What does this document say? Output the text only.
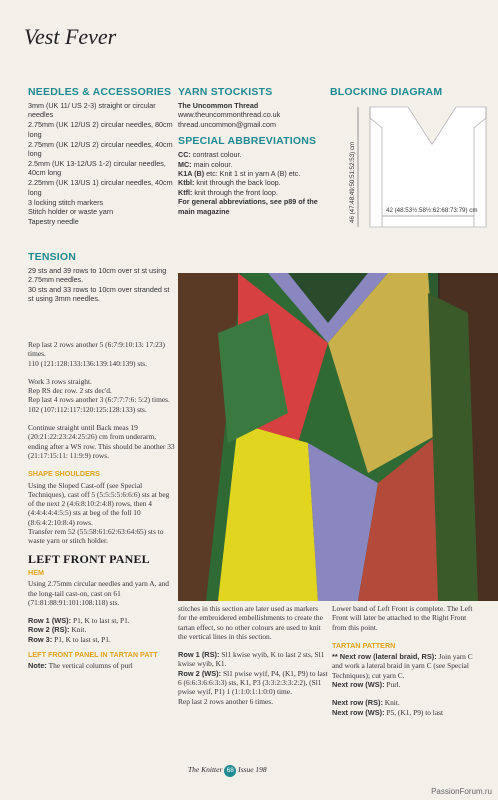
Vest Fever
NEEDLES & ACCESSORIES

3mm (UK 11/ US 2-3) straight or circular needles

2.75mm (UK 12/US 2) circular needles, 80cm long

2.75mm (UK 12/US 2) circular needles, 40cm long

2.5mm (UK 13-12/US 1-2) circular needles, 40cm long

2.25mm (UK 13/US 1) circular needles, 40cm long

3 locking stitch markers

Stitch holder or waste yarn

Tapestry needle

TENSION
29 sts and 39 rows to 10cm over st st using 2.75mm needles.
30 sts and 33 rows to 10cm over stranded st st using 3mm needles.
YARN STOCKISTS
The Uncommon Thread
www.theuncommonthread.co.uk
thread.uncommon@gmail.com
SPECIAL ABBREVIATIONS
CC: contrast colour.
MC: main colour.
K1A (B) etc: Knit 1 st in yarn A (B) etc.
Ktbl: knit through the back loop.
Ktfl: knit through the front loop.
For general abbreviations, see p89 of the main magazine
BLOCKING DIAGRAM
42 (48:53½:58½:62:68:73:79) cm
46 (47:48:49:50:51:52:53) cm

Rep last 2 rows another 5 (6:7:9:10:13: 17:23) times.
110 (121:128:133:136:139:140:139) sts.

Work 3 rows straight.
Rep RS dec row. 2 sts dec'd.
Rep last 4 rows another 3 (6:7:7:7:6: 5:2) times.
102 (107:112:117:120:125:128:133) sts.

Continue straight until Back meas 19 (20:21:22:23:24:25:26) cm from underarm, ending after a WS row. This should be another 33 (21:17:15:11: 11:9:9) rows.

SHAPE SHOULDERS
Using the Sloped Cast-off (see Special Techniques), cast off 5 (5:5:5:5:6:6:6) sts at beg of the next 2 (4:6:8:10:2:4:8) rows, then 4 (4:4:4:4:4:5:5) sts at beg of the foll 10 (8:6:4:2:10:8:4) rows.

Transfer rem 52 (55:58:61:62:63:64:65) sts to waste yarn or stitch holder.

LEFT FRONT PANEL
HEM

Using 2.75mm circular needles and yarn A, and the long-tail cast-on, cast on 61 (71:81:88:91:101:108:118) sts.

Row 1 (WS): P1, K to last st, P1.
Row 2 (RS): Knit.
Row 3: P1, K to last st, P1.
LEFT FRONT PANEL IN TARTAN PATT
Note: The vertical columns of purl

stitches in this section are later used as markers for the embroidered embellishments to create the tartan effect, so no other colours are used to knit the vertical lines in this section.

Row 1 (RS): Sl1 kwise wyib, K to last 2 sts, Sl1 kwise wyib, K1.
Row 2 (WS): Sl1 pwise wyif, P4, (K1, P9) to last 6 (6:6:3:6:6:3:3) sts, K1, P3 (3:3:2:3:3:2:2), (Sl1 pwise wyif, P1) 1 (1:1:0:1:1:0:0) time.
Rep last 2 rows another 6 times.

Lower band of Left Front is complete. The Left Front will later be attached to the Right Front from this point.

TARTAN PATTERN

** Next row (lateral braid, RS): Join yarn C and work a lateral braid in yarn C (see Special Techniques); cut yarn C.
Next row (WS): Purl.

Next row (RS): Knit.
Next row (WS): P5, (K1, P9) to last
The Knitter 68 Issue 198
PassionForum.ru
